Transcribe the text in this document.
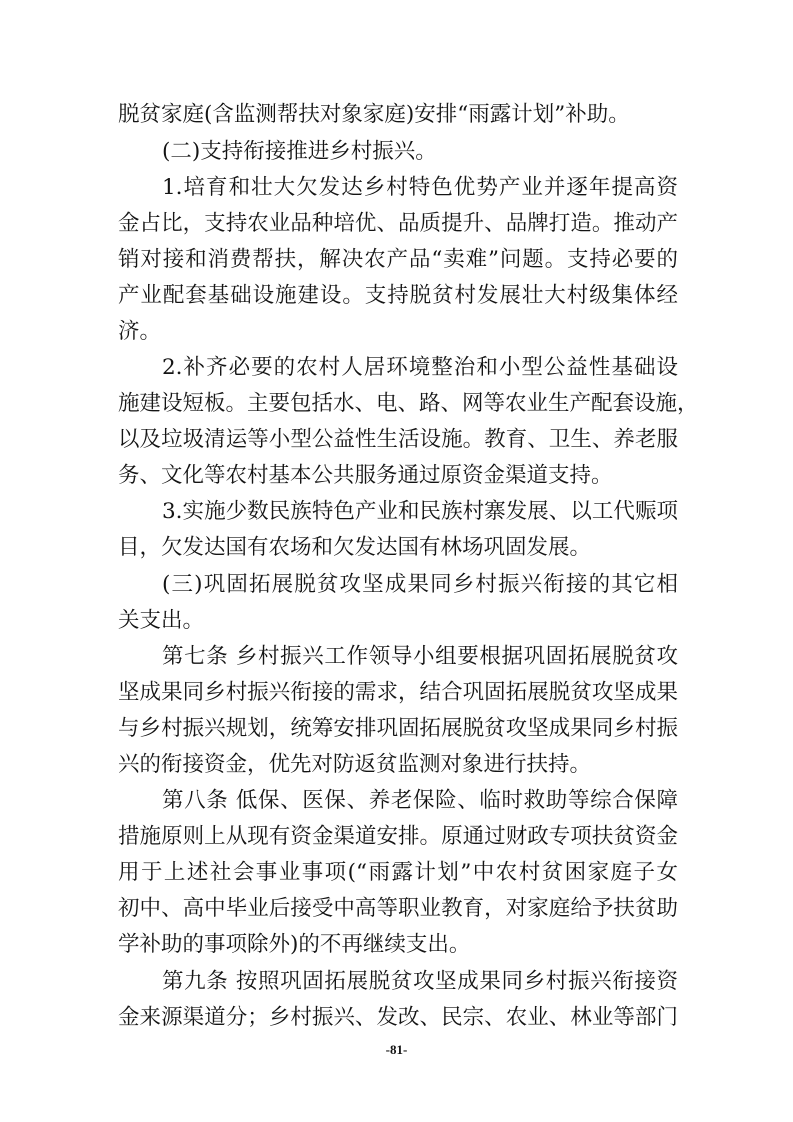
脱贫家庭(含监测帮扶对象家庭)安排“雨露计划”补助。
(二)支持衔接推进乡村振兴。
1.培育和壮大欠发达乡村特色优势产业并逐年提高资
金占比，支持农业品种培优、品质提升、品牌打造。推动产
销对接和消费帮扶，解决农产品“卖难”问题。支持必要的
产业配套基础设施建设。支持脱贫村发展壮大村级集体经
济。
2.补齐必要的农村人居环境整治和小型公益性基础设
施建设短板。主要包括水、电、路、网等农业生产配套设施，
以及垃圾清运等小型公益性生活设施。教育、卫生、养老服
务、文化等农村基本公共服务通过原资金渠道支持。
3.实施少数民族特色产业和民族村寨发展、以工代赈项
目，欠发达国有农场和欠发达国有林场巩固发展。
(三)巩固拓展脱贫攻坚成果同乡村振兴衔接的其它相
关支出。
第七条 乡村振兴工作领导小组要根据巩固拓展脱贫攻
坚成果同乡村振兴衔接的需求，结合巩固拓展脱贫攻坚成果
与乡村振兴规划，统筹安排巩固拓展脱贫攻坚成果同乡村振
兴的衔接资金，优先对防返贫监测对象进行扶持。
第八条 低保、医保、养老保险、临时救助等综合保障
措施原则上从现有资金渠道安排。原通过财政专项扶贫资金
用于上述社会事业事项(“雨露计划”中农村贫困家庭子女
初中、高中毕业后接受中高等职业教育，对家庭给予扶贫助
学补助的事项除外)的不再继续支出。
第九条 按照巩固拓展脱贫攻坚成果同乡村振兴衔接资
金来源渠道分；乡村振兴、发改、民宗、农业、林业等部门
-81-
